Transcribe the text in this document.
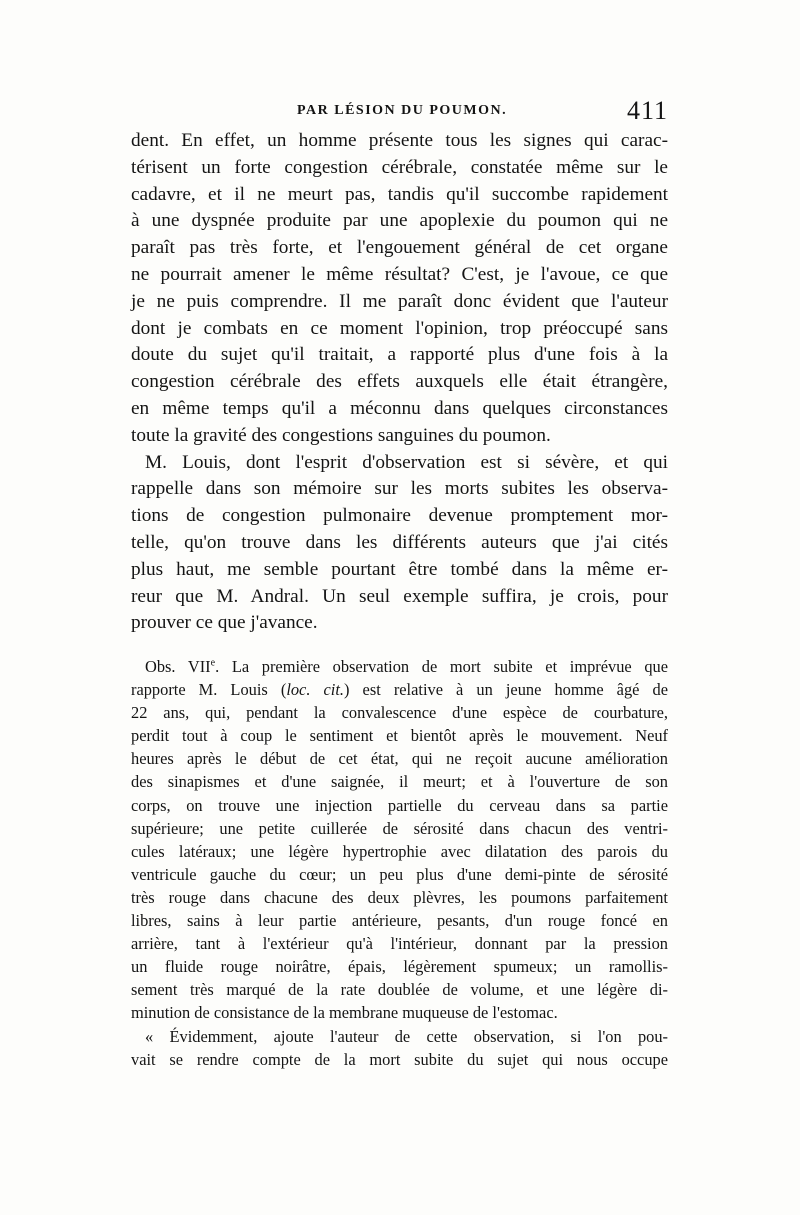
PAR LÉSION DU POUMON.	411

dent. En effet, un homme présente tous les signes qui carac-
térisent un forte congestion cérébrale, constatée même sur le
cadavre, et il ne meurt pas, tandis qu'il succombe rapidement
à une dyspnée produite par une apoplexie du poumon qui ne
paraît pas très forte, et l'engouement général de cet organe
ne pourrait amener le même résultat? C'est, je l'avoue, ce que
je ne puis comprendre. Il me paraît donc évident que l'auteur
dont je combats en ce moment l'opinion, trop préoccupé sans
doute du sujet qu'il traitait, a rapporté plus d'une fois à la
congestion cérébrale des effets auxquels elle était étrangère,
en même temps qu'il a méconnu dans quelques circonstances
toute la gravité des congestions sanguines du poumon.

M. Louis, dont l'esprit d'observation est si sévère, et qui
rappelle dans son mémoire sur les morts subites les observa-
tions de congestion pulmonaire devenue promptement mor-
telle, qu'on trouve dans les différents auteurs que j'ai cités
plus haut, me semble pourtant être tombé dans la même er-
reur que M. Andral. Un seul exemple suffira, je crois, pour
prouver ce que j'avance.

Obs. VIIe. La première observation de mort subite et imprévue que
rapporte M. Louis (loc. cit.) est relative à un jeune homme âgé de
22 ans, qui, pendant la convalescence d'une espèce de courbature,
perdit tout à coup le sentiment et bientôt après le mouvement. Neuf
heures après le début de cet état, qui ne reçoit aucune amélioration
des sinapismes et d'une saignée, il meurt; et à l'ouverture de son
corps, on trouve une injection partielle du cerveau dans sa partie
supérieure; une petite cuillerée de sérosité dans chacun des ventri-
cules latéraux; une légère hypertrophie avec dilatation des parois du
ventricule gauche du cœur; un peu plus d'une demi-pinte de sérosité
très rouge dans chacune des deux plèvres, les poumons parfaitement
libres, sains à leur partie antérieure, pesants, d'un rouge foncé en
arrière, tant à l'extérieur qu'à l'intérieur, donnant par la pression
un fluide rouge noirâtre, épais, légèrement spumeux; un ramollis-
sement très marqué de la rate doublée de volume, et une légère di-
minution de consistance de la membrane muqueuse de l'estomac.

« Évidemment, ajoute l'auteur de cette observation, si l'on pou-
vait se rendre compte de la mort subite du sujet qui nous occupe
